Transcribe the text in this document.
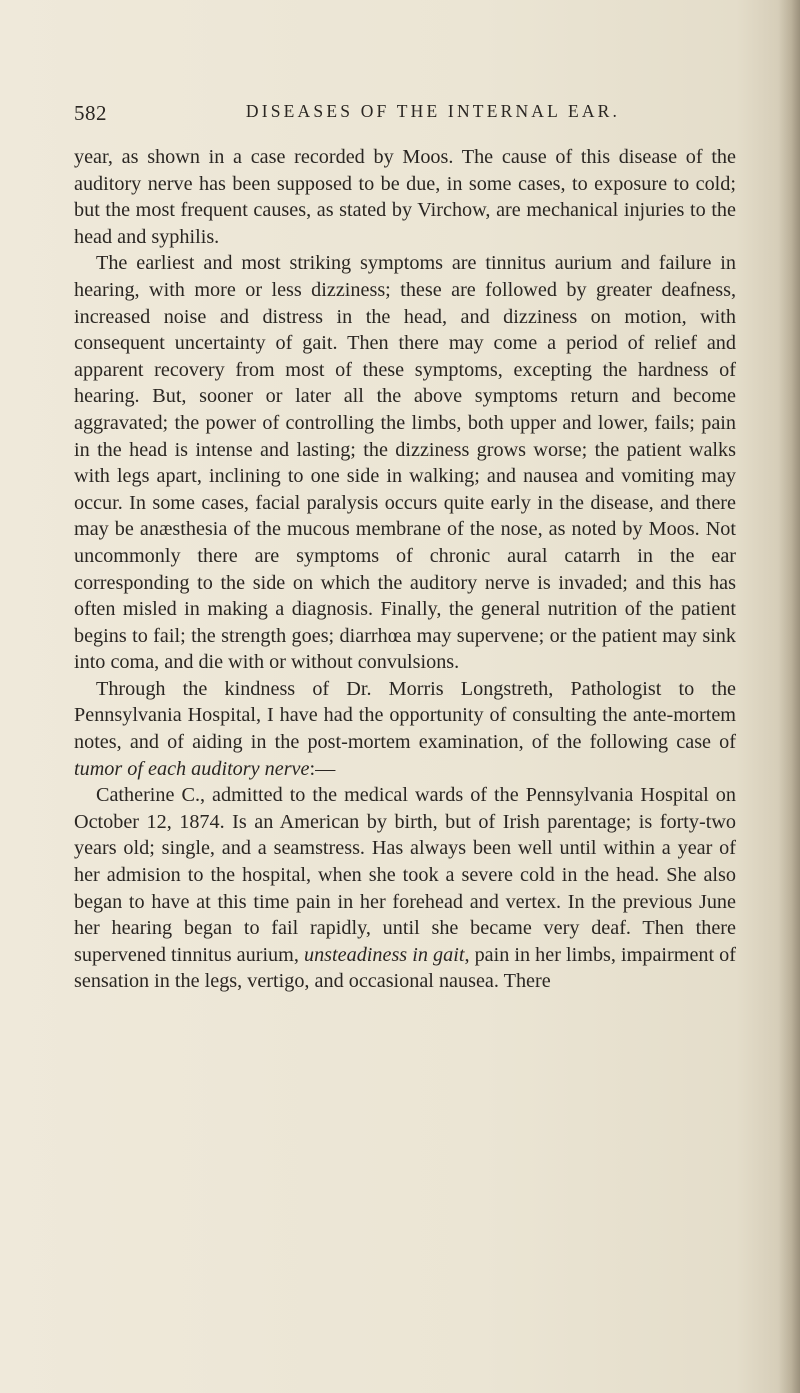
582	DISEASES OF THE INTERNAL EAR.

year, as shown in a case recorded by Moos. The cause of this disease of the auditory nerve has been supposed to be due, in some cases, to exposure to cold; but the most frequent causes, as stated by Virchow, are mechanical injuries to the head and syphilis.

The earliest and most striking symptoms are tinnitus aurium and failure in hearing, with more or less dizziness; these are followed by greater deafness, increased noise and distress in the head, and dizziness on motion, with consequent uncertainty of gait. Then there may come a period of relief and apparent recovery from most of these symptoms, excepting the hardness of hearing. But, sooner or later all the above symptoms return and become aggravated; the power of controlling the limbs, both upper and lower, fails; pain in the head is intense and lasting; the dizziness grows worse; the patient walks with legs apart, inclining to one side in walking; and nausea and vomiting may occur. In some cases, facial paralysis occurs quite early in the disease, and there may be anæsthesia of the mucous membrane of the nose, as noted by Moos. Not uncommonly there are symptoms of chronic aural catarrh in the ear corresponding to the side on which the auditory nerve is invaded; and this has often misled in making a diagnosis. Finally, the general nutrition of the patient begins to fail; the strength goes; diarrhœa may supervene; or the patient may sink into coma, and die with or without convulsions.

Through the kindness of Dr. Morris Longstreth, Pathologist to the Pennsylvania Hospital, I have had the opportunity of consulting the ante-mortem notes, and of aiding in the post-mortem examination, of the following case of tumor of each auditory nerve:—

Catherine C., admitted to the medical wards of the Pennsylvania Hospital on October 12, 1874. Is an American by birth, but of Irish parentage; is forty-two years old; single, and a seamstress. Has always been well until within a year of her admision to the hospital, when she took a severe cold in the head. She also began to have at this time pain in her forehead and vertex. In the previous June her hearing began to fail rapidly, until she became very deaf. Then there supervened tinnitus aurium, unsteadiness in gait, pain in her limbs, impairment of sensation in the legs, vertigo, and occasional nausea. There
